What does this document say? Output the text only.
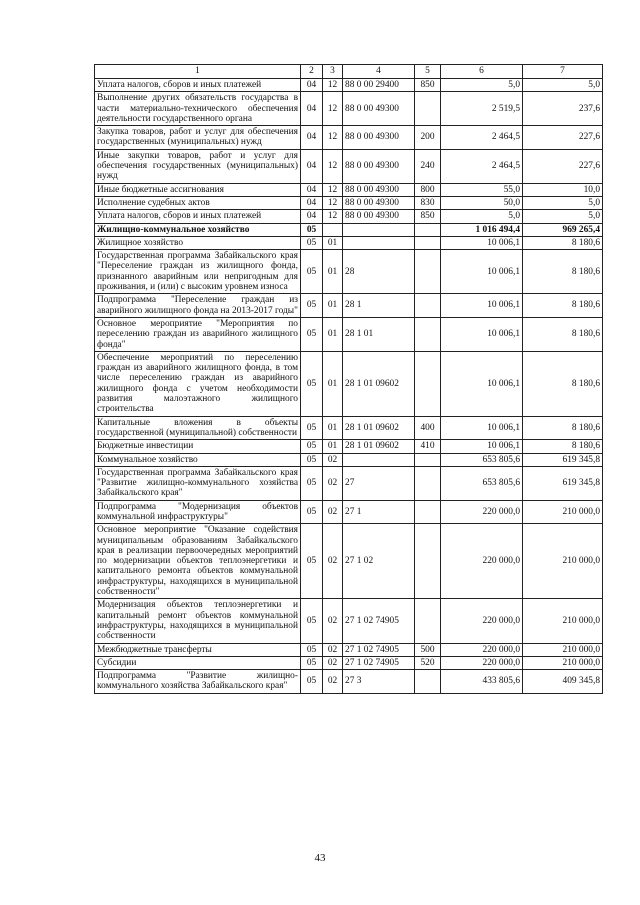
1	2	3	4	5	6	7
Уплата налогов, сборов и иных платежей	04	12	88 0 00 29400	850	5,0	5,0
Выполнение других обязательств государства в части материально-технического обеспечения деятельности государственного органа	04	12	88 0 00 49300		2 519,5	237,6
Закупка товаров, работ и услуг для обеспечения государственных (муниципальных) нужд	04	12	88 0 00 49300	200	2 464,5	227,6
Иные закупки товаров, работ и услуг для обеспечения государственных (муниципальных) нужд	04	12	88 0 00 49300	240	2 464,5	227,6
Иные бюджетные ассигнования	04	12	88 0 00 49300	800	55,0	10,0
Исполнение судебных актов	04	12	88 0 00 49300	830	50,0	5,0
Уплата налогов, сборов и иных платежей	04	12	88 0 00 49300	850	5,0	5,0
Жилищно-коммунальное хозяйство	05				1 016 494,4	969 265,4
Жилищное хозяйство	05	01			10 006,1	8 180,6
Государственная программа Забайкальского края "Переселение граждан из жилищного фонда, признанного аварийным или непригодным для проживания, и (или) с высоким уровнем износа	05	01	28		10 006,1	8 180,6
Подпрограмма "Переселение граждан из аварийного жилищного фонда на 2013-2017 годы"	05	01	28 1		10 006,1	8 180,6
Основное мероприятие "Мероприятия по переселению граждан из аварийного жилищного фонда"	05	01	28 1 01		10 006,1	8 180,6
Обеспечение мероприятий по переселению граждан из аварийного жилищного фонда, в том числе переселению граждан из аварийного жилищного фонда с учетом необходимости развития малоэтажного жилищного строительства	05	01	28 1 01 09602		10 006,1	8 180,6
Капитальные вложения в объекты государственной (муниципальной) собственности	05	01	28 1 01 09602	400	10 006,1	8 180,6
Бюджетные инвестиции	05	01	28 1 01 09602	410	10 006,1	8 180,6
Коммунальное хозяйство	05	02			653 805,6	619 345,8
Государственная программа Забайкальского края "Развитие жилищно-коммунального хозяйства Забайкальского края"	05	02	27		653 805,6	619 345,8
Подпрограмма "Модернизация объектов коммунальной инфраструктуры"	05	02	27 1		220 000,0	210 000,0
Основное мероприятие "Оказание содействия муниципальным образованиям Забайкальского края в реализации первоочередных мероприятий по модернизации объектов теплоэнергетики и капитального ремонта объектов коммунальной инфраструктуры, находящихся в муниципальной собственности"	05	02	27 1 02		220 000,0	210 000,0
Модернизация объектов теплоэнергетики и капитальный ремонт объектов коммунальной инфраструктуры, находящихся в муниципальной собственности	05	02	27 1 02 74905		220 000,0	210 000,0
Межбюджетные трансферты	05	02	27 1 02 74905	500	220 000,0	210 000,0
Субсидии	05	02	27 1 02 74905	520	220 000,0	210 000,0
Подпрограмма "Развитие жилищно-коммунального хозяйства Забайкальского края"	05	02	27 3		433 805,6	409 345,8
43
